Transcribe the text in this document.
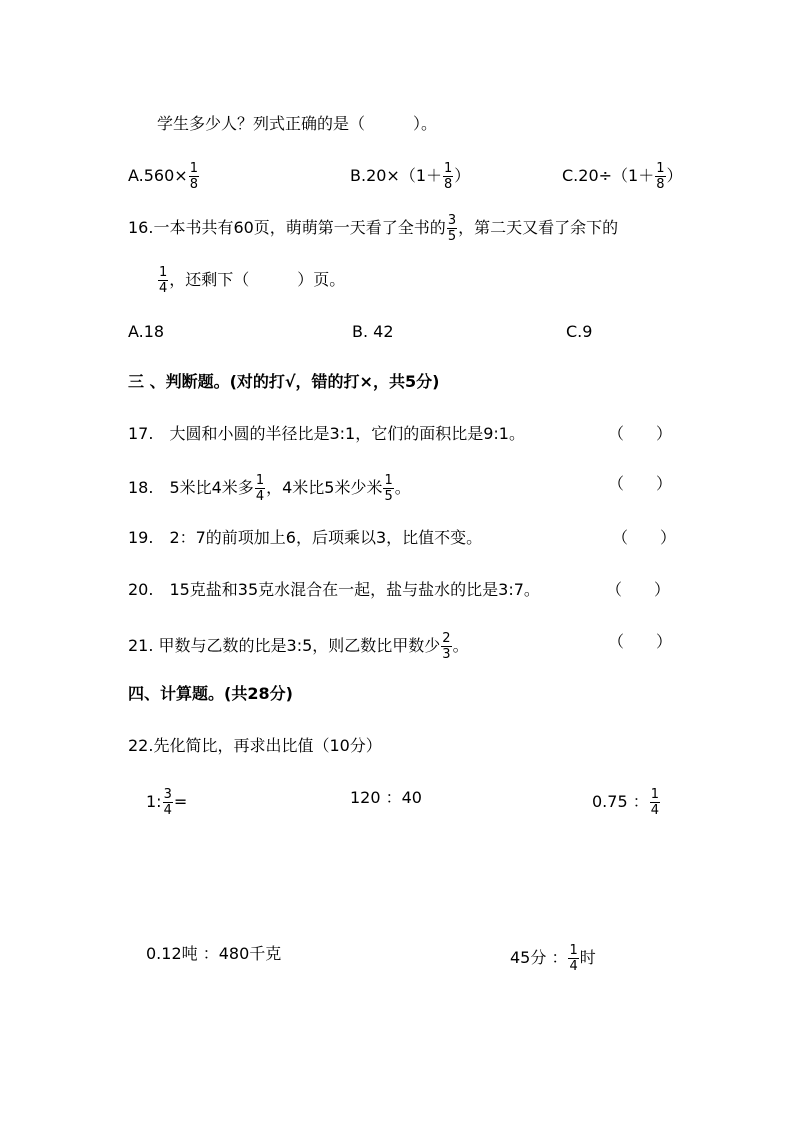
学生多少人？列式正确的是（　　　）。
$A.560\times \frac{1}{8}$	$B.20\times(1+ \frac{1}{8}$ ）	$C.20\div(1+ \frac{1}{8}$ ）
16.一本书共有60页，萌萌第一天看了全书的 $\frac{3}{5}$ ，第二天又看了余下的
$\frac{1}{4}$ ，还剩下（　　　）页。
A.18	B. 42	C.9
三 、判断题。(对的打√，错的打×，共5分)
17.　大圆和小圆的半径比是3:1，它们的面积比是9:1。	（　　）
18.　5米比4米多 $\frac{1}{4}$ ，4米比5米少米 $\frac{1}{5}$ 。	（　　）
19.　2：7的前项加上6，后项乘以3，比值不变。	（　　）
20.　15克盐和35克水混合在一起，盐与盐水的比是3:7。	（　　）
21. 甲数与乙数的比是3:5，则乙数比甲数少 $\frac{2}{3}$ 。	（　　）
四、计算题。(共28分)
22.先化简比，再求出比值（10分）
1: $\frac{3}{4}$ =	120 ：40	0.75 ： $\frac{1}{4}$
0.12吨 ：480千克	45分 ： $\frac{1}{4}$ 时
